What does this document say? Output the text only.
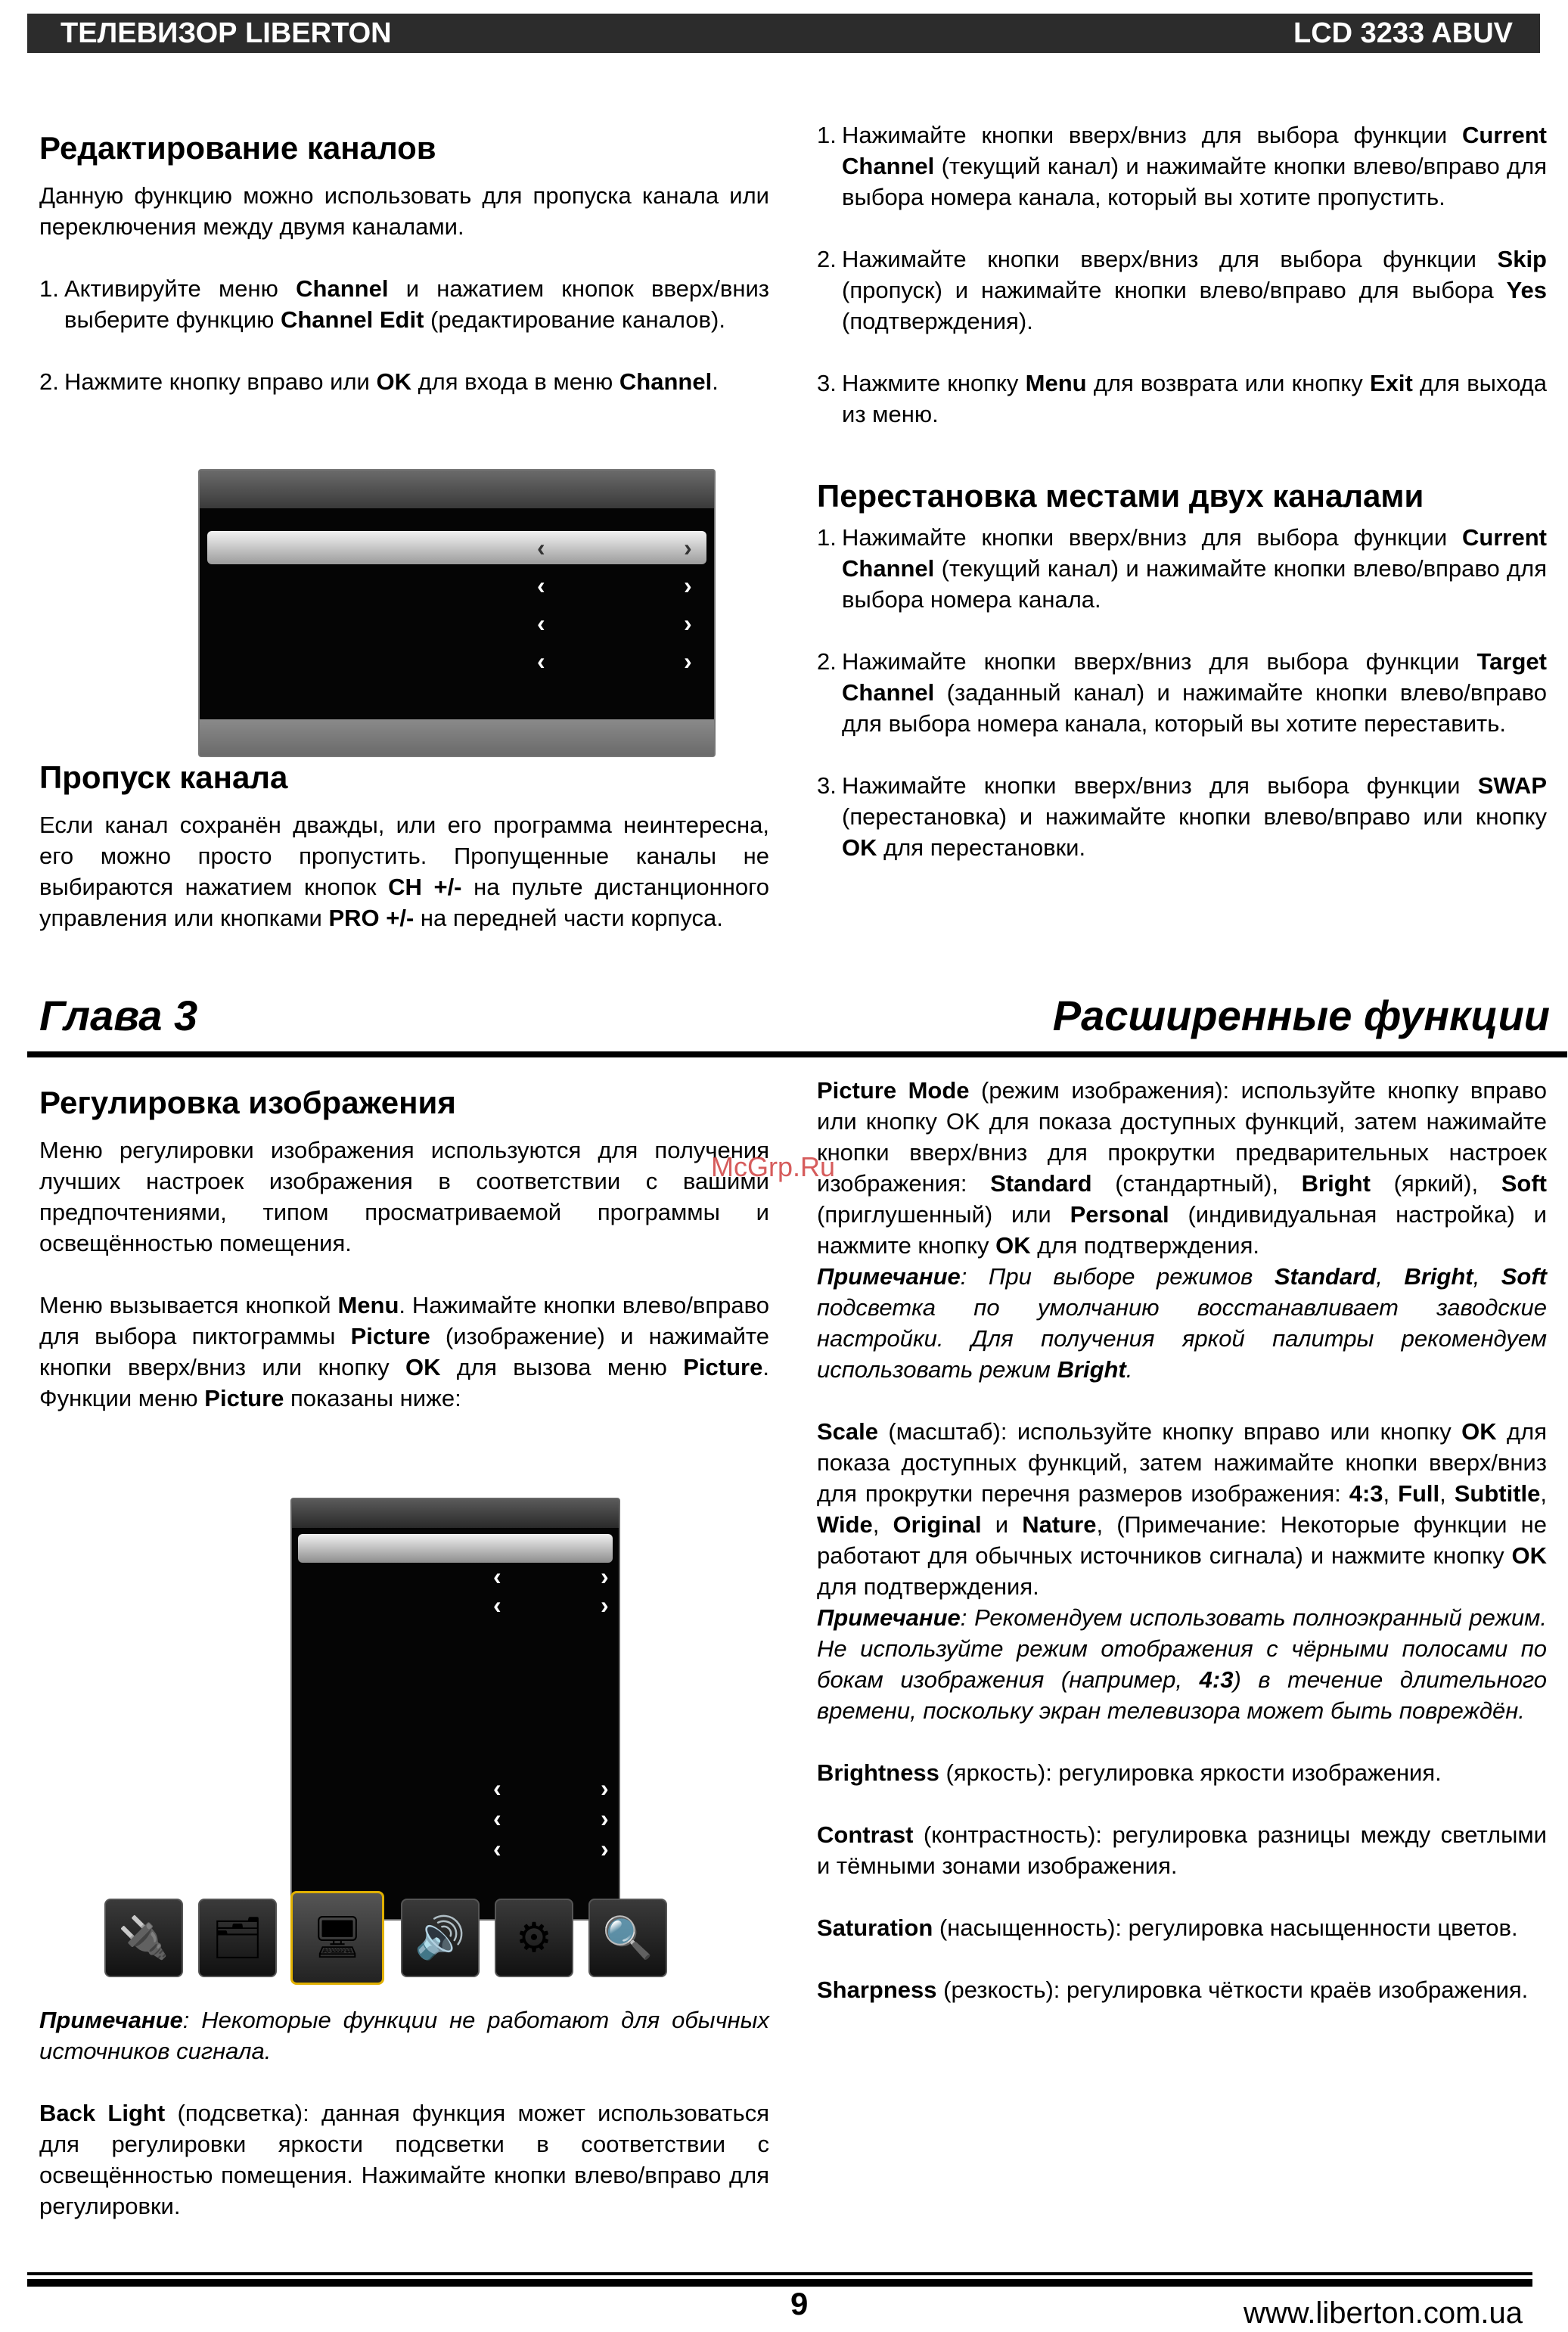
ТЕЛЕВИЗОР LIBERTON	LCD 3233 ABUV
Редактирование каналов

Данную функцию можно использовать для пропуска канала или переключения между двумя каналами.

1. Активируйте меню Channel и нажатием кнопок вверх/вниз выберите функцию Channel Edit (редактирование каналов).
2. Нажмите кнопку вправо или OK для входа в меню Channel.
‹	›
‹	›
‹	›
‹	›
Пропуск канала

Если канал сохранён дважды, или его программа неинтересна, его можно просто пропустить. Пропущенные каналы не выбираются нажатием кнопок CH +/- на пульте дистанционного управления или кнопками PRO +/- на передней части корпуса.

1. Нажимайте кнопки вверх/вниз для выбора функции Current Channel (текущий канал) и нажимайте кнопки влево/вправо для выбора номера канала, который вы хотите пропустить.
2. Нажимайте кнопки вверх/вниз для выбора функции Skip (пропуск) и нажимайте кнопки влево/вправо для выбора Yes (подтверждения).
3. Нажмите кнопку Menu для возврата или кнопку Exit для выхода из меню.
Перестановка местами двух каналами
1. Нажимайте кнопки вверх/вниз для выбора функции Current Channel (текущий канал) и нажимайте кнопки влево/вправо для выбора номера канала.
2. Нажимайте кнопки вверх/вниз для выбора функции Target Channel (заданный канал) и нажимайте кнопки влево/вправо для выбора номера канала, который вы хотите переставить.
3. Нажимайте кнопки вверх/вниз для выбора функции SWAP (перестановка) и нажимайте кнопки влево/вправо или кнопку OK для перестановки.
Глава 3	Расширенные функции
Регулировка изображения

Меню регулировки изображения используются для получения лучших настроек изображения в соответствии с вашими предпочтениями, типом просматриваемой программы и освещённостью помещения.

Меню вызывается кнопкой Menu. Нажимайте кнопки влево/вправо для выбора пиктограммы Picture (изображение) и нажимайте кнопки вверх/вниз или кнопку OK для вызова меню Picture. Функции меню Picture показаны ниже:

‹	›
‹	›
‹	›
‹	›
‹	›
🔌	🗂	🖥	🔊	⚙	🔍

Примечание: Некоторые функции не работают для обычных источников сигнала.

Back Light (подсветка): данная функция может использоваться для регулировки яркости подсветки в соответствии с освещённостью помещения. Нажимайте кнопки влево/вправо для регулировки.

Picture Mode (режим изображения): используйте кнопку вправо или кнопку OK для показа доступных функций, затем нажимайте кнопки вверх/вниз для прокрутки предварительных настроек изображения: Standard (стандартный), Bright (яркий), Soft (приглушенный) или Personal (индивидуальная настройка) и нажмите кнопку OK для подтверждения.

Примечание: При выборе режимов Standard, Bright, Soft подсветка по умолчанию восстанавливает заводские настройки. Для получения яркой палитры рекомендуем использовать режим Bright.

Scale (масштаб): используйте кнопку вправо или кнопку OK для показа доступных функций, затем нажимайте кнопки вверх/вниз для прокрутки перечня размеров изображения: 4:3, Full, Subtitle, Wide, Original и Nature, (Примечание: Некоторые функции не работают для обычных источников сигнала) и нажмите кнопку OK для подтверждения.

Примечание: Рекомендуем использовать полноэкранный режим. Не используйте режим отображения с чёрными полосами по бокам изображения (например, 4:3) в течение длительного времени, поскольку экран телевизора может быть повреждён.

Brightness (яркость): регулировка яркости изображения.

Contrast (контрастность): регулировка разницы между светлыми и тёмными зонами изображения.

Saturation (насыщенность): регулировка насыщенности цветов.

Sharpness (резкость): регулировка чёткости краёв изображения.

McGrp.Ru
9	www.liberton.com.ua
